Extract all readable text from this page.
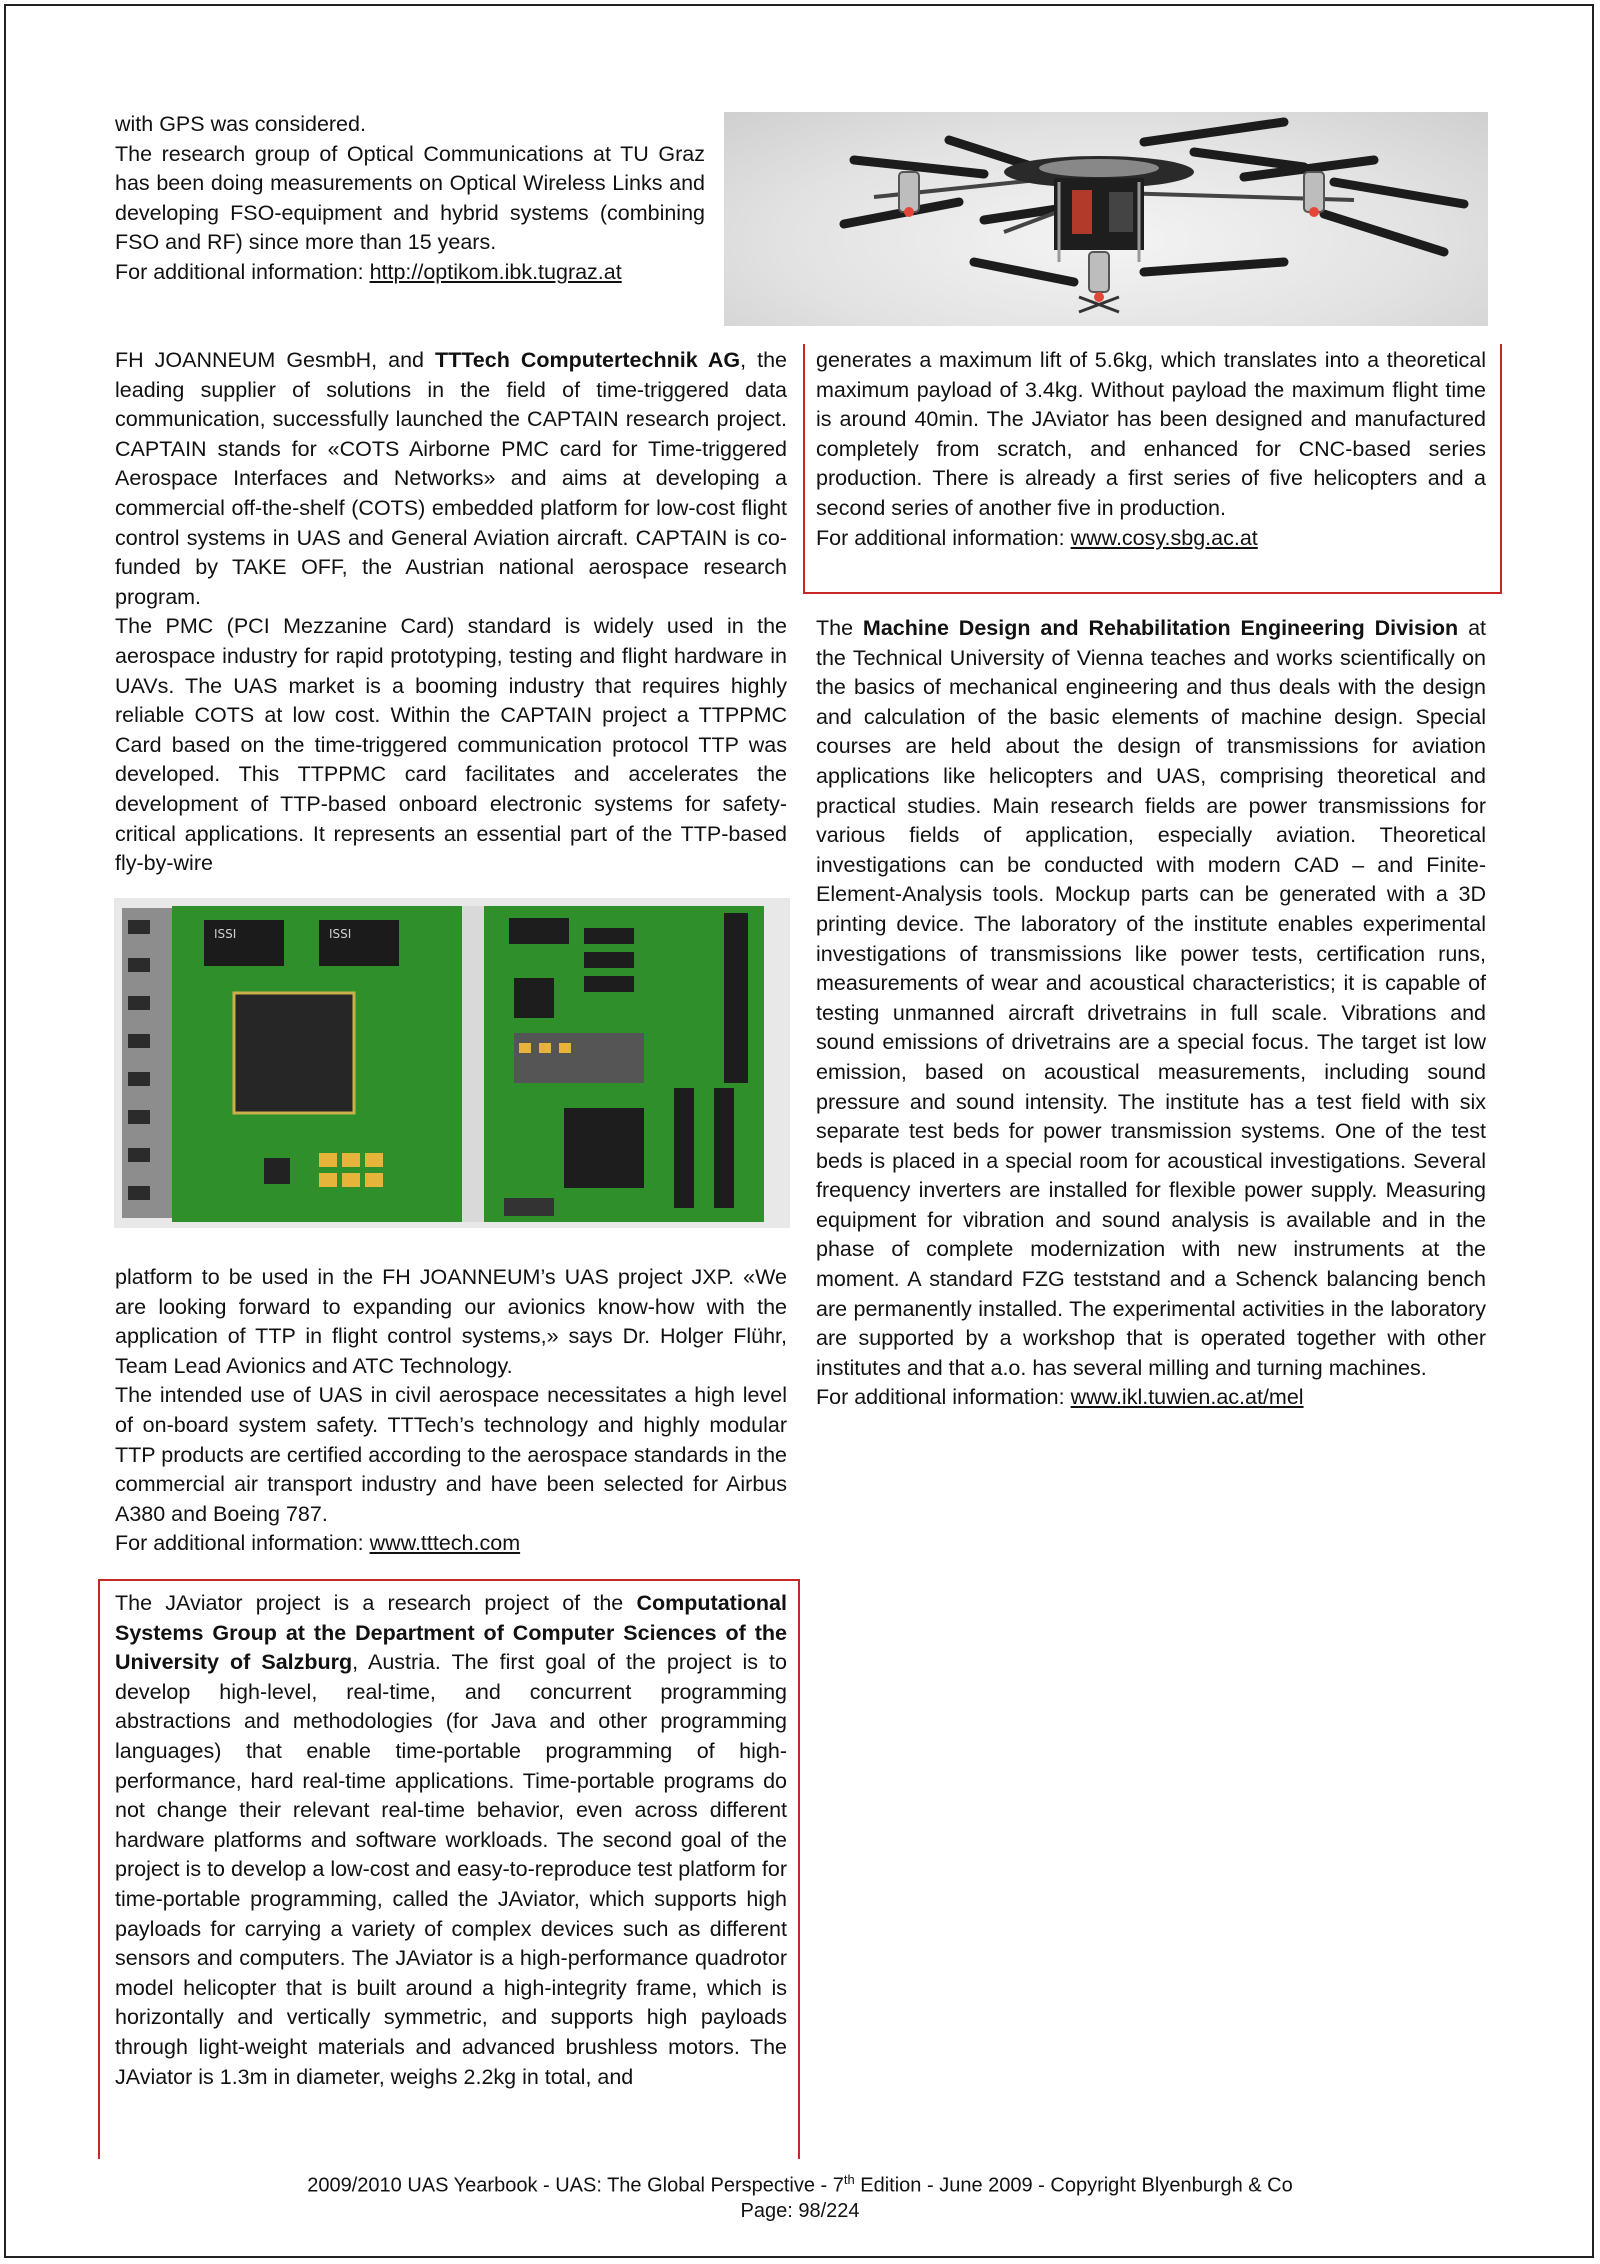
with GPS was considered.

The research group of Optical Communications at TU Graz has been doing measurements on Optical Wireless Links and developing FSO-equipment and hybrid systems (combining FSO and RF) since more than 15 years.

For additional information: http://optikom.ibk.tugraz.at

FH JOANNEUM GesmbH, and TTTech Computertechnik AG, the leading supplier of solutions in the field of time-triggered data communication, successfully launched the CAPTAIN research project. CAPTAIN stands for «COTS Airborne PMC card for Time-triggered Aerospace Interfaces and Networks» and aims at developing a commercial off-the-shelf (COTS) embedded platform for low-cost flight control systems in UAS and General Aviation aircraft. CAPTAIN is co-funded by TAKE OFF, the Austrian national aerospace research program.

The PMC (PCI Mezzanine Card) standard is widely used in the aerospace industry for rapid prototyping, testing and flight hardware in UAVs. The UAS market is a booming industry that requires highly reliable COTS at low cost. Within the CAPTAIN project a TTPPMC Card based on the time-triggered communication protocol TTP was developed. This TTPPMC card facilitates and accelerates the development of TTP-based onboard electronic systems for safety-critical applications. It represents an essential part of the TTP-based fly-by-wire

ISSI	ISSI

platform to be used in the FH JOANNEUM’s UAS project JXP. «We are looking forward to expanding our avionics know-how with the application of TTP in flight control systems,» says Dr. Holger Flühr, Team Lead Avionics and ATC Technology.

The intended use of UAS in civil aerospace necessitates a high level of on-board system safety. TTTech’s technology and highly modular TTP products are certified according to the aerospace standards in the commercial air transport industry and have been selected for Airbus A380 and Boeing 787.

For additional information: www.tttech.com

The JAviator project is a research project of the Computational Systems Group at the Department of Computer Sciences of the University of Salzburg, Austria. The first goal of the project is to develop high-level, real-time, and concurrent programming abstractions and methodologies (for Java and other programming languages) that enable time-portable programming of high-performance, hard real-time applications. Time-portable programs do not change their relevant real-time behavior, even across different hardware platforms and software workloads. The second goal of the project is to develop a low-cost and easy-to-reproduce test platform for time-portable programming, called the JAviator, which supports high payloads for carrying a variety of complex devices such as different sensors and computers. The JAviator is a high-performance quadrotor model helicopter that is built around a high-integrity frame, which is horizontally and vertically symmetric, and supports high payloads through light-weight materials and advanced brushless motors. The JAviator is 1.3m in diameter, weighs 2.2kg in total, and

generates a maximum lift of 5.6kg, which translates into a theoretical maximum payload of 3.4kg. Without payload the maximum flight time is around 40min. The JAviator has been designed and manufactured completely from scratch, and enhanced for CNC-based series production. There is already a first series of five helicopters and a second series of another five in production.

For additional information: www.cosy.sbg.ac.at

The Machine Design and Rehabilitation Engineering Division at the Technical University of Vienna teaches and works scientifically on the basics of mechanical engineering and thus deals with the design and calculation of the basic elements of machine design. Special courses are held about the design of transmissions for aviation applications like helicopters and UAS, comprising theoretical and practical studies. Main research fields are power transmissions for various fields of application, especially aviation. Theoretical investigations can be conducted with modern CAD – and Finite-Element-Analysis tools. Mockup parts can be generated with a 3D printing device. The laboratory of the institute enables experimental investigations of transmissions like power tests, certification runs, measurements of wear and acoustical characteristics; it is capable of testing unmanned aircraft drivetrains in full scale. Vibrations and sound emissions of drivetrains are a special focus. The target ist low emission, based on acoustical measurements, including sound pressure and sound intensity. The institute has a test field with six separate test beds for power transmission systems. One of the test beds is placed in a special room for acoustical investigations. Several frequency inverters are installed for flexible power supply. Measuring equipment for vibration and sound analysis is available and in the phase of complete modernization with new instruments at the moment. A standard FZG teststand and a Schenck balancing bench are permanently installed. The experimental activities in the laboratory are supported by a workshop that is operated together with other institutes and that a.o. has several milling and turning machines.

For additional information: www.ikl.tuwien.ac.at/mel

2009/2010 UAS Yearbook - UAS: The Global Perspective - 7th Edition - June 2009 - Copyright Blyenburgh & Co
Page: 98/224
